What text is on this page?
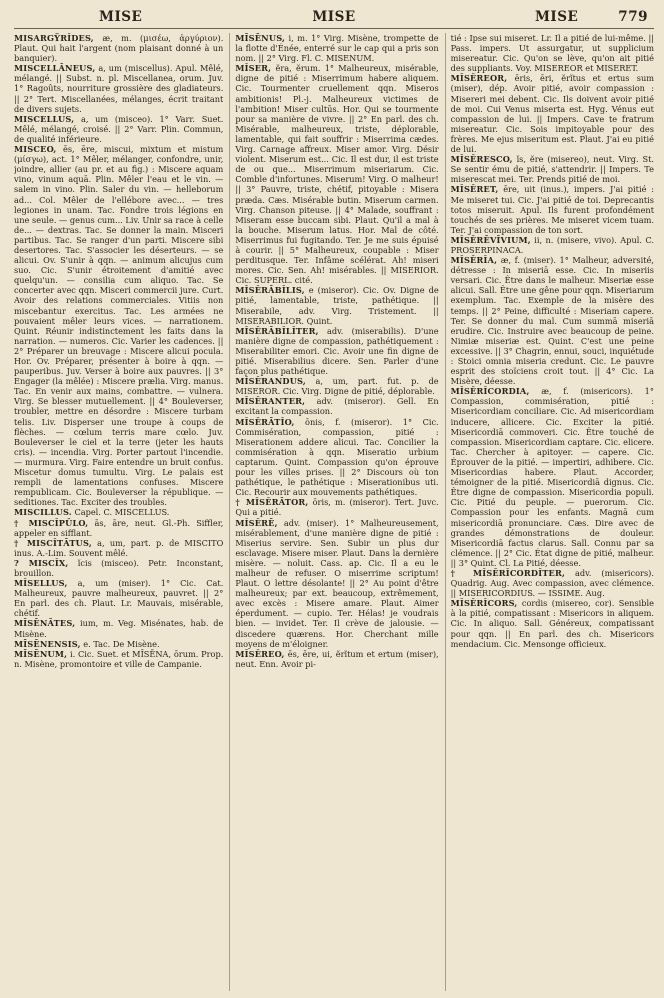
MISE	MISE	MISE	779

MISARGŸRĬDES, æ, m. (μισέω, ἀργύριον). Plaut. Qui hait l'argent (nom plaisant donné à un banquier).

MISCELLĀNEUS, a, um (miscellus). Apul. Mêlé, mélangé. || Subst. n. pl. Miscellanea, orum. Juv. 1° Ragoûts, nourriture grossière des gladiateurs. || 2° Tert. Miscellanées, mélanges, écrit traitant de divers sujets.

MISCELLUS, a, um (misceo). 1° Varr. Suet. Mêlé, mélangé, croisé. || 2° Varr. Plin. Commun, de qualité inférieure.

MISCEO, ēs, ēre, miscui, mixtum et mistum (μίσγω), act. 1° Mêler, mélanger, confondre, unir, joindre, allier (au pr. et au fig.) : Miscere aquam vino, vinum aquā. Plin. Mêler l'eau et le vin. — salem in vino. Plin. Saler du vin. — helleborum ad... Col. Mêler de l'ellébore avec... — tres legiones in unam. Tac. Fondre trois légions en une seule. — genus cum... Liv. Unir sa race à celle de... — dextras. Tac. Se donner la main. Misceri partibus. Tac. Se ranger d'un parti. Miscere sibi desertores. Tac. S'associer les déserteurs. — se alicui. Ov. S'unir à qqn. — animum alicujus cum suo. Cic. S'unir étroitement d'amitié avec quelqu'un. — consilia cum aliquo. Tac. Se concerter avec qqn. Misceri commercii jure. Curt. Avoir des relations commerciales. Vitiis non miscebantur exercitus. Tac. Les armées ne pouvaient mêler leurs vices. — narrationem. Quint. Réunir indistinctement les faits dans la narration. — numeros. Cic. Varier les cadences. || 2° Préparer un breuvage : Miscere alicui pocula. Hor. Ov. Préparer, présenter à boire à qqn. — pauperibus. Juv. Verser à boire aux pauvres. || 3° Engager (la mêlée) : Miscere prælia. Virg. manus. Tac. En venir aux mains, combattre. — vulnera. Virg. Se blesser mutuellement. || 4° Bouleverser, troubler, mettre en désordre : Miscere turbam telis. Liv. Disperser une troupe à coups de flèches. — cœlum terris mare cœlo. Juv. Bouleverser le ciel et la terre (jeter les hauts cris). — incendia. Virg. Porter partout l'incendie. — murmura. Virg. Faire entendre un bruit confus. Miscetur domus tumultu. Virg. Le palais est rempli de lamentations confuses. Miscere rempublicam. Cic. Bouleverser la république. — seditiones. Tac. Exciter des troubles.

MISCILLUS. Capel. C. MISCELLUS.

† MISCĬPŬLO, ās, āre, neut. Gl.-Ph. Siffler, appeler en sifflant.

† MISCĬTĀTUS, a, um, part. p. de MISCITO inus. A.-Lim. Souvent mêlé.

? MISCĬX, ĭcis (misceo). Petr. Inconstant, brouillon.

MĬSELLUS, a, um (miser). 1° Cic. Cat. Malheureux, pauvre malheureux, pauvret. || 2° En parl. des ch. Plaut. Lr. Mauvais, misérable, chétif.

MĪSĒNĀTES, ium, m. Veg. Misénates, hab. de Misène.

MĪSĒNENSIS, e. Tac. De Misène.

MĪSĒNUM, i. Cic. Suet. et MĪSĒNA, ōrum. Prop. n. Misène, promontoire et ville de Campanie.

MĪSĒNUS, i, m. 1° Virg. Misène, trompette de la flotte d'Énée, enterré sur le cap qui a pris son nom. || 2° Virg. Fl. C. MISENUM.

MĬSER, ĕra, ĕrum. 1° Malheureux, misérable, digne de pitié : Miserrimum habere aliquem. Cic. Tourmenter cruellement qqn. Miseros ambitionis! Pl.-j. Malheureux victimes de l'ambition! Miser cultūs. Hor. Qui se tourmente pour sa manière de vivre. || 2° En parl. des ch. Misérable, malheureux, triste, déplorable, lamentable, qui fait souffrir : Miserrima cædes. Virg. Carnage affreux. Miser amor. Virg. Désir violent. Miserum est... Cic. Il est dur, il est triste de ou que... Miserrimum miseriarum. Cic. Comble d'infortunes. Miserum! Virg. O malheur! || 3° Pauvre, triste, chétif, pitoyable : Misera præda. Cæs. Misérable butin. Miserum carmen. Virg. Chanson piteuse. || 4° Malade, souffrant : Miseram esse buccam sibi. Plaut. Qu'il a mal à la bouche. Miserum latus. Hor. Mal de côté. Miserrimus fui fugitando. Ter. Je me suis épuisé à courir. || 5° Malheureux, coupable : Miser perditusque. Ter. Infâme scélérat. Ah! miseri mores. Cic. Sen. Ah! misérables. || MISERIOR. Cic. SUPERL. cité.

MĬSĔRĀBĬLIS, e (miseror). Cic. Ov. Digne de pitié, lamentable, triste, pathétique. || Miserabile, adv. Virg. Tristement. || MISERABILIOR. Quint.

MĬSĔRĀBĬLĬTER, adv. (miserabilis). D'une manière digne de compassion, pathétiquement : Miserabiliter emori. Cic. Avoir une fin digne de pitié. Miserabilius dicere. Sen. Parler d'une façon plus pathétique.

MĬSĔRANDUS, a, um, part. fut. p. de MISEROR. Cic. Virg. Digne de pitié, déplorable.

MĬSĔRANTER, adv. (miseror). Gell. En excitant la compassion.

MĬSĔRĀTĬO, ōnis, f. (miseror). 1° Cic. Commisération, compassion, pitié : Miserationem addere alicui. Tac. Concilier la commisération à qqn. Miseratio urbium captarum. Quint. Compassion qu'on éprouve pour les villes prises. || 2° Discours où ton pathétique, le pathétique : Miserationibus uti. Cic. Recourir aux mouvements pathétiques.

† MĬSĔRĀTOR, ōris, m. (miseror). Tert. Juvc. Qui a pitié.

MĬSĔRĒ, adv. (miser). 1° Malheureusement, misérablement, d'une manière digne de pitié : Miserius servire. Sen. Subir un plus dur esclavage. Misere miser. Plaut. Dans la dernière misère. — noluit. Cass. ap. Cic. Il a eu le malheur de refuser. O miserrime scriptum! Plaut. O lettre désolante! || 2° Au point d'être malheureux; par ext. beaucoup, extrêmement, avec excès : Misere amare. Plaut. Aimer éperdument. — cupio. Ter. Hélas! je voudrais bien. — invidet. Ter. Il crève de jalousie. — discedere quærens. Hor. Cherchant mille moyens de m'éloigner.

MĬSĔREO, ēs, ēre, ui, ĕrĭtum et ertum (miser), neut. Enn. Avoir pi-

tié : Ipse sui miseret. Lr. Il a pitié de lui-même. || Pass. impers. Ut assurgatur, ut supplicium misereatur. Cic. Qu'on se lève, qu'on ait pitié des suppliants. Voy. MISEREOR et MISERET.

MĬSĔREOR, ēris, ēri, ĕrĭtus et ertus sum (miser), dép. Avoir pitié, avoir compassion : Misereri mei debent. Cic. Ils doivent avoir pitié de moi. Cui Venus miserta est. Hyg. Vénus eut compassion de lui. || Impers. Cave te fratrum misereatur. Cic. Sois impitoyable pour des frères. Me ejus miseritum est. Plaut. J'ai eu pitié de lui.

MĬSĔRESCO, ĭs, ĕre (misereo), neut. Virg. St. Se sentir ému de pitié, s'attendrir. || Impers. Te miserescat mei. Ter. Prends pitié de moi.

MĬSĔRET, ēre, uit (inus.), impers. J'ai pitié : Me miseret tui. Cic. J'ai pitié de toi. Deprecantis totos miseruit. Apul. Ils furent profondément touchés de ses prières. Me miseret vicem tuam. Ter. J'ai compassion de ton sort.

MĬSĔRĒVĪVIUM, ii, n. (misere, vivo). Apul. C. PROSERPINACA.

MĬSĔRĬA, æ, f. (miser). 1° Malheur, adversité, détresse : In miseriā esse. Cic. In miseriis versari. Cic. Être dans le malheur. Miseriæ esse alicui. Sall. Être une gêne pour qqn. Miseriarum exemplum. Tac. Exemple de la misère des temps. || 2° Peine, difficulté : Miseriam capere. Ter. Se donner du mal. Cum summā miseriā erudire. Cic. Instruire avec beaucoup de peine. Nimiæ miseriæ est. Quint. C'est une peine excessive. || 3° Chagrin, ennui, souci, inquiétude : Stoici omnia miseria credunt. Cic. Le pauvre esprit des stoïciens croit tout. || 4° Cic. La Misère, déesse.

MĬSĔRĬCORDIA, æ, f. (misericors). 1° Compassion, commisération, pitié : Misericordiam conciliare. Cic. Ad misericordiam inducere, allicere. Cic. Exciter la pitié. Misericordiā commoveri. Cic. Être touché de compassion. Misericordiam captare. Cic. elicere. Tac. Chercher à apitoyer. — capere. Cic. Éprouver de la pitié. — impertiri, adhibere. Cic. Misericordias habere. Plaut. Accorder, témoigner de la pitié. Misericordiā dignus. Cic. Être digne de compassion. Misericordia populi. Cic. Pitié du peuple. — puerorum. Cic. Compassion pour les enfants. Magnā cum misericordiā pronunciare. Cæs. Dire avec de grandes démonstrations de douleur. Misericordiā factus clarus. Sall. Connu par sa clémence. || 2° Cic. État digne de pitié, malheur. || 3° Quint. Cl. La Pitié, déesse.

† MĬSĔRĬCORDĬTER, adv. (misericors). Quadrig. Aug. Avec compassion, avec clémence. || MISERICORDIUS. — ISSIME. Aug.

MĬSĔRĬCORS, cordis (misereo, cor). Sensible à la pitié, compatissant : Misericors in aliquem. Cic. In aliquo. Sall. Généreux, compatissant pour qqn. || En parl. des ch. Misericors mendacium. Cic. Mensonge officieux.
